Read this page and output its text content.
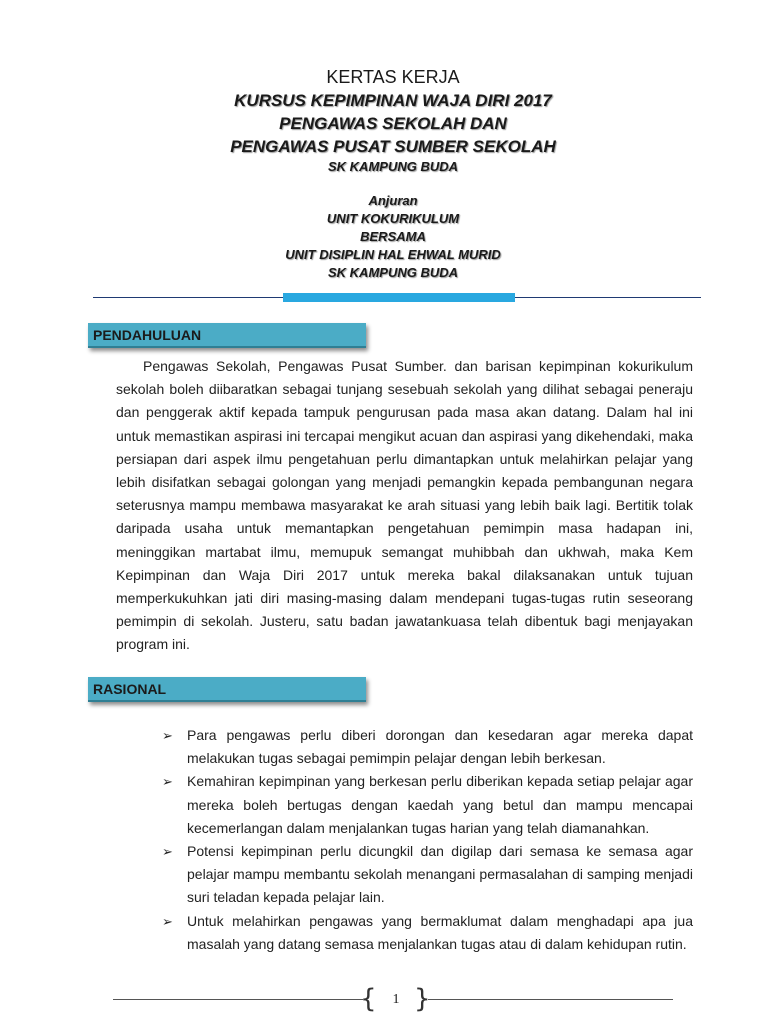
KERTAS KERJA
KURSUS KEPIMPINAN WAJA DIRI 2017
PENGAWAS SEKOLAH DAN
PENGAWAS PUSAT SUMBER SEKOLAH
SK KAMPUNG BUDA
Anjuran
UNIT KOKURIKULUM
BERSAMA
UNIT DISIPLIN HAL EHWAL MURID
SK KAMPUNG BUDA
PENDAHULUAN
Pengawas Sekolah, Pengawas Pusat Sumber. dan barisan kepimpinan kokurikulum sekolah boleh diibaratkan sebagai tunjang sesebuah sekolah yang dilihat sebagai peneraju dan penggerak aktif kepada tampuk pengurusan pada masa akan datang. Dalam hal ini untuk memastikan aspirasi ini tercapai mengikut acuan dan aspirasi yang dikehendaki, maka persiapan dari aspek ilmu pengetahuan perlu dimantapkan untuk melahirkan pelajar yang lebih disifatkan sebagai golongan yang menjadi pemangkin kepada pembangunan negara seterusnya mampu membawa masyarakat ke arah situasi yang lebih baik lagi. Bertitik tolak daripada usaha untuk memantapkan pengetahuan pemimpin masa hadapan ini, meninggikan martabat ilmu, memupuk semangat muhibbah dan ukhwah, maka Kem Kepimpinan dan Waja Diri 2017 untuk mereka bakal dilaksanakan untuk tujuan memperkukuhkan jati diri masing-masing dalam mendepani tugas-tugas rutin seseorang pemimpin di sekolah. Justeru, satu badan jawatankuasa telah dibentuk bagi menjayakan program ini.
RASIONAL
➢ Para pengawas perlu diberi dorongan dan kesedaran agar mereka dapat melakukan tugas sebagai pemimpin pelajar dengan lebih berkesan.
➢ Kemahiran kepimpinan yang berkesan perlu diberikan kepada setiap pelajar agar mereka boleh bertugas dengan kaedah yang betul dan mampu mencapai kecemerlangan dalam menjalankan tugas harian yang telah diamanahkan.
➢ Potensi kepimpinan perlu dicungkil dan digilap dari semasa ke semasa agar pelajar mampu membantu sekolah menangani permasalahan di samping menjadi suri teladan kepada pelajar lain.
➢ Untuk melahirkan pengawas yang bermaklumat dalam menghadapi apa jua masalah yang datang semasa menjalankan tugas atau di dalam kehidupan rutin.
{	1 }
